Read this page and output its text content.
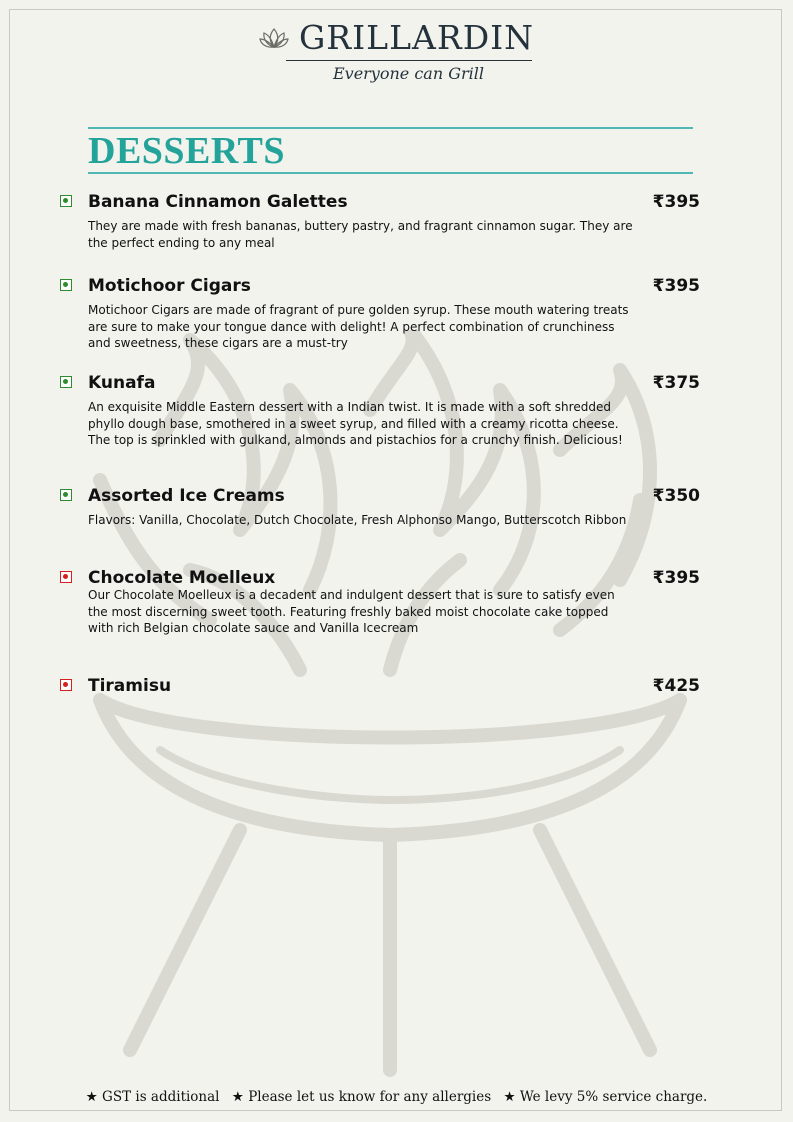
GRILLARDIN
Everyone can Grill
DESSERTS
Banana Cinnamon Galettes	₹395
They are made with fresh bananas, buttery pastry, and fragrant cinnamon sugar. They are the perfect ending to any meal
Motichoor Cigars	₹395
Motichoor Cigars are made of fragrant of pure golden syrup. These mouth watering treats are sure to make your tongue dance with delight! A perfect combination of crunchiness and sweetness, these cigars are a must-try
Kunafa	₹375
An exquisite Middle Eastern dessert with a Indian twist. It is made with a soft shredded phyllo dough base, smothered in a sweet syrup, and filled with a creamy ricotta cheese. The top is sprinkled with gulkand, almonds and pistachios for a crunchy finish. Delicious!
Assorted Ice Creams	₹350
Flavors: Vanilla, Chocolate, Dutch Chocolate, Fresh Alphonso Mango, Butterscotch Ribbon
Chocolate Moelleux	₹395
Our Chocolate Moelleux is a decadent and indulgent dessert that is sure to satisfy even the most discerning sweet tooth. Featuring freshly baked moist chocolate cake topped with rich Belgian chocolate sauce and Vanilla Icecream
Tiramisu	₹425
★ GST is additional ★ Please let us know for any allergies ★ We levy 5% service charge.
